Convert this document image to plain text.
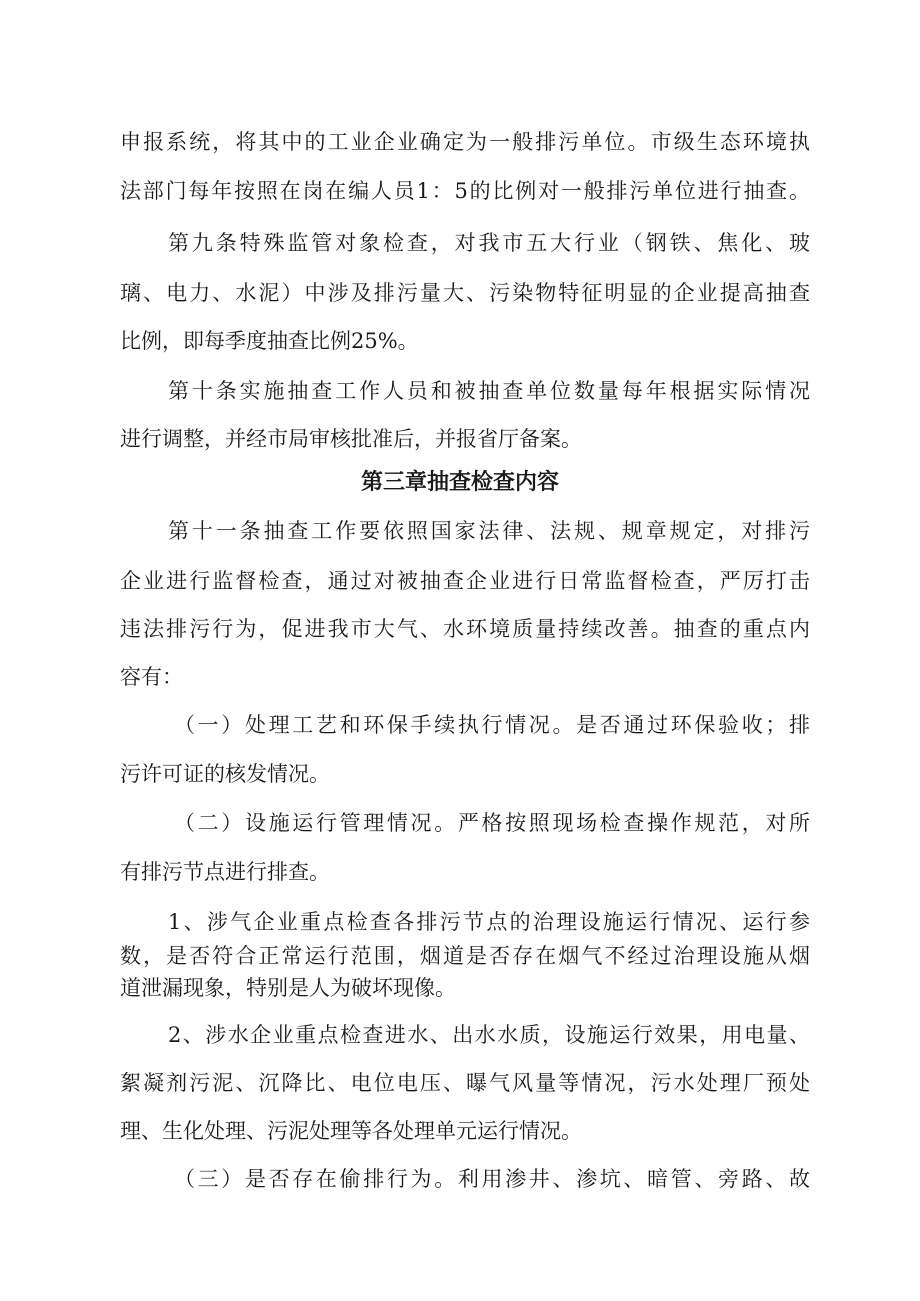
申报系统，将其中的工业企业确定为一般排污单位。市级生态环境执
法部门每年按照在岗在编人员1：5的比例对一般排污单位进行抽查。
第九条特殊监管对象检查，对我市五大行业（钢铁、焦化、玻
璃、电力、水泥）中涉及排污量大、污染物特征明显的企业提高抽查
比例，即每季度抽查比例25%。
第十条实施抽查工作人员和被抽查单位数量每年根据实际情况
进行调整，并经市局审核批准后，并报省厅备案。
第三章抽查检查内容
第十一条抽查工作要依照国家法律、法规、规章规定，对排污
企业进行监督检查，通过对被抽查企业进行日常监督检查，严厉打击
违法排污行为，促进我市大气、水环境质量持续改善。抽查的重点内
容有：
（一）处理工艺和环保手续执行情况。是否通过环保验收；排
污许可证的核发情况。
（二）设施运行管理情况。严格按照现场检查操作规范，对所
有排污节点进行排查。
1、涉气企业重点检查各排污节点的治理设施运行情况、运行参
数，是否符合正常运行范围，烟道是否存在烟气不经过治理设施从烟
道泄漏现象，特别是人为破坏现像。
2、涉水企业重点检查进水、出水水质，设施运行效果，用电量、
絮凝剂污泥、沉降比、电位电压、曝气风量等情况，污水处理厂预处
理、生化处理、污泥处理等各处理单元运行情况。
（三）是否存在偷排行为。利用渗井、渗坑、暗管、旁路、故
